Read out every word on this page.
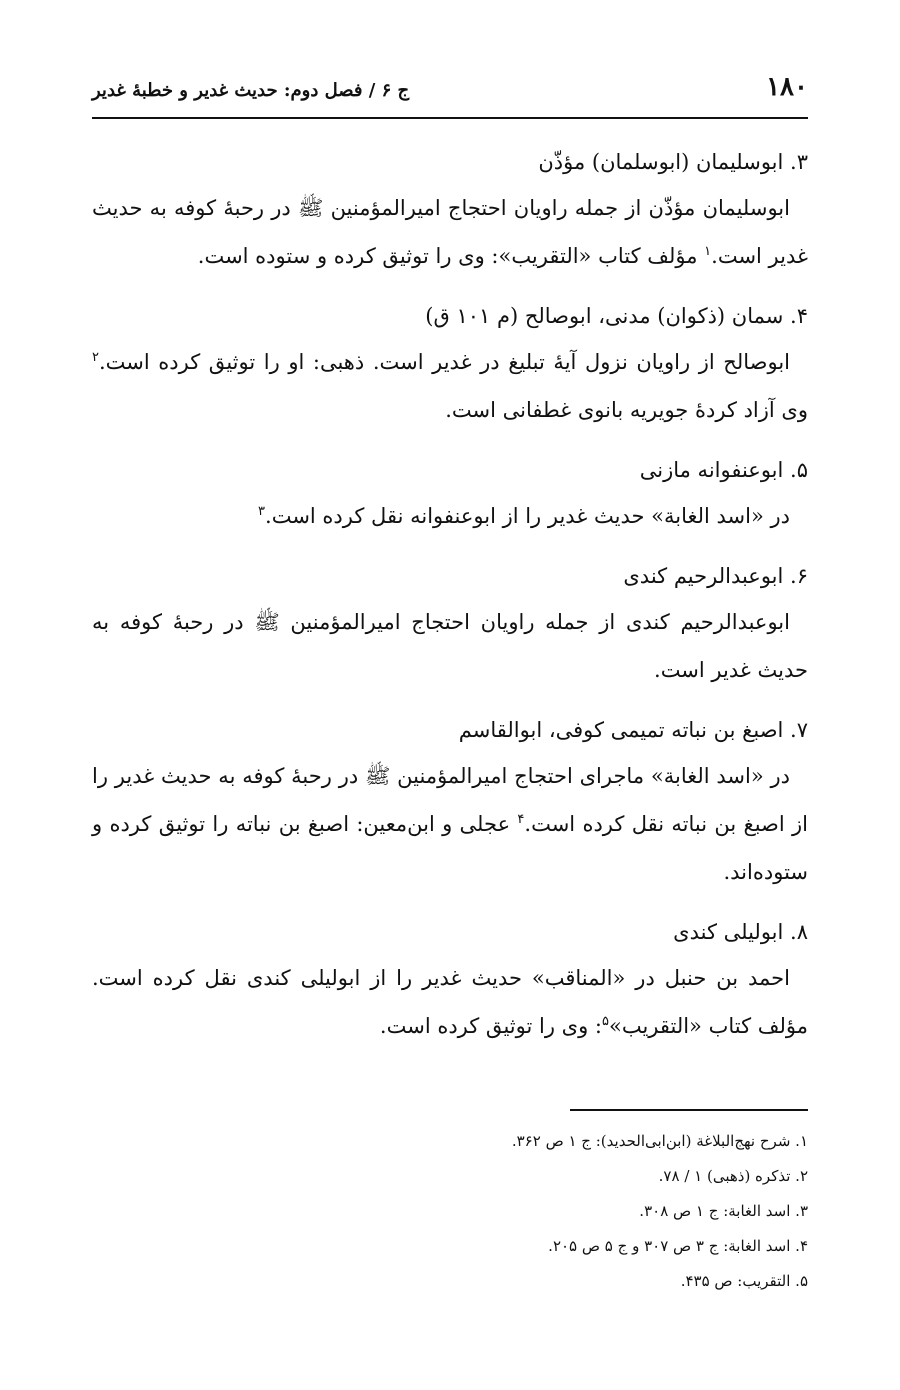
۱۸۰
ج ۶ / فصل دوم: حدیث غدیر و خطبهٔ غدیر

۳. ابوسلیمان (ابوسلمان) مؤذّن

ابوسلیمان مؤذّن از جمله راویان احتجاج امیرالمؤمنین ﷺ در رحبهٔ کوفه به حدیث غدیر است.$^۱$ مؤلف کتاب «التقریب»: وی را توثیق کرده و ستوده است.

۴. سمان (ذکوان) مدنی، ابوصالح (م ۱۰۱ ق)

ابوصالح از راویان نزول آیهٔ تبلیغ در غدیر است. ذهبی: او را توثیق کرده است.$^۲$ وی آزاد کردهٔ جویریه بانوی غطفانی است.

۵. ابوعنفوانه مازنی

در «اسد الغابة» حدیث غدیر را از ابوعنفوانه نقل کرده است.$^۳$

۶. ابوعبدالرحیم کندی

ابوعبدالرحیم کندی از جمله راویان احتجاج امیرالمؤمنین ﷺ در رحبهٔ کوفه به حدیث غدیر است.

۷. اصبغ بن نباته تمیمی کوفی، ابوالقاسم

در «اسد الغابة» ماجرای احتجاج امیرالمؤمنین ﷺ در رحبهٔ کوفه به حدیث غدیر را از اصبغ بن نباته نقل کرده است.$^۴$ عجلی و ابن‌معین: اصبغ بن نباته را توثیق کرده و ستوده‌اند.

۸. ابولیلی کندی

احمد بن حنبل در «المناقب» حدیث غدیر را از ابولیلی کندی نقل کرده است. مؤلف کتاب «التقریب»$^۵$: وی را توثیق کرده است.

۱. شرح نهج‌البلاغة (ابن‌ابی‌الحدید): ج ۱ ص ۳۶۲.
۲. تذکره (ذهبی) ۱ / ۷۸.
۳. اسد الغابة: ج ۱ ص ۳۰۸.
۴. اسد الغابة: ج ۳ ص ۳۰۷ و ج ۵ ص ۲۰۵.
۵. التقریب: ص ۴۳۵.
